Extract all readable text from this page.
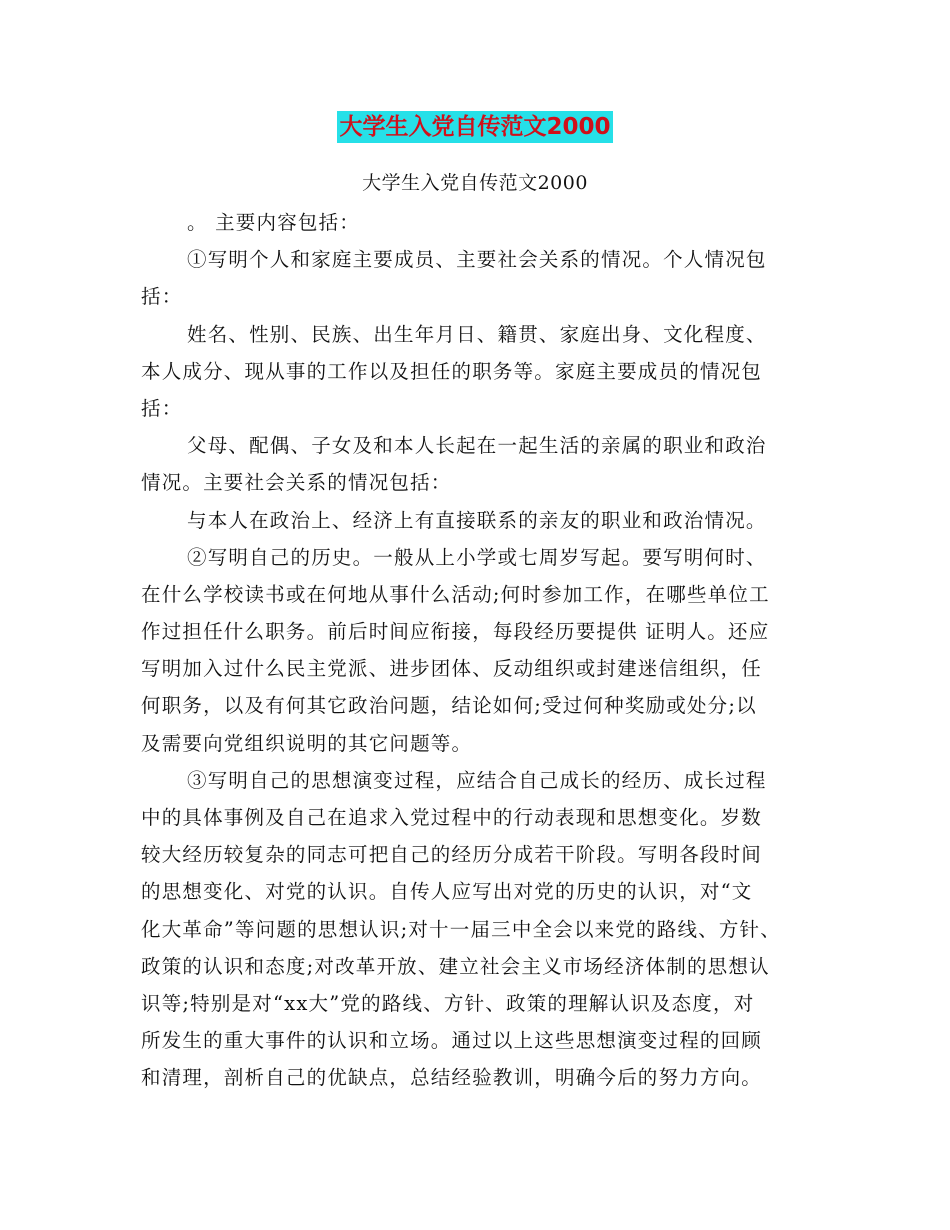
大学生入党自传范文2000
大学生入党自传范文2000
。 主要内容包括：
①写明个人和家庭主要成员、主要社会关系的情况。个人情况包
括：
姓名、性别、民族、出生年月日、籍贯、家庭出身、文化程度、
本人成分、现从事的工作以及担任的职务等。家庭主要成员的情况包
括：
父母、配偶、子女及和本人长起在一起生活的亲属的职业和政治
情况。主要社会关系的情况包括：
与本人在政治上、经济上有直接联系的亲友的职业和政治情况。
②写明自己的历史。一般从上小学或七周岁写起。要写明何时、
在什么学校读书或在何地从事什么活动;何时参加工作，在哪些单位工
作过担任什么职务。前后时间应衔接，每段经历要提供 证明人。还应
写明加入过什么民主党派、进步团体、反动组织或封建迷信组织，任
何职务，以及有何其它政治问题，结论如何;受过何种奖励或处分;以
及需要向党组织说明的其它问题等。
③写明自己的思想演变过程，应结合自己成长的经历、成长过程
中的具体事例及自己在追求入党过程中的行动表现和思想变化。岁数
较大经历较复杂的同志可把自己的经历分成若干阶段。写明各段时间
的思想变化、对党的认识。自传人应写出对党的历史的认识，对“文
化大革命”等问题的思想认识;对十一届三中全会以来党的路线、方针、
政策的认识和态度;对改革开放、建立社会主义市场经济体制的思想认
识等;特别是对“xx大”党的路线、方针、政策的理解认识及态度，对
所发生的重大事件的认识和立场。通过以上这些思想演变过程的回顾
和清理，剖析自己的优缺点，总结经验教训，明确今后的努力方向。
